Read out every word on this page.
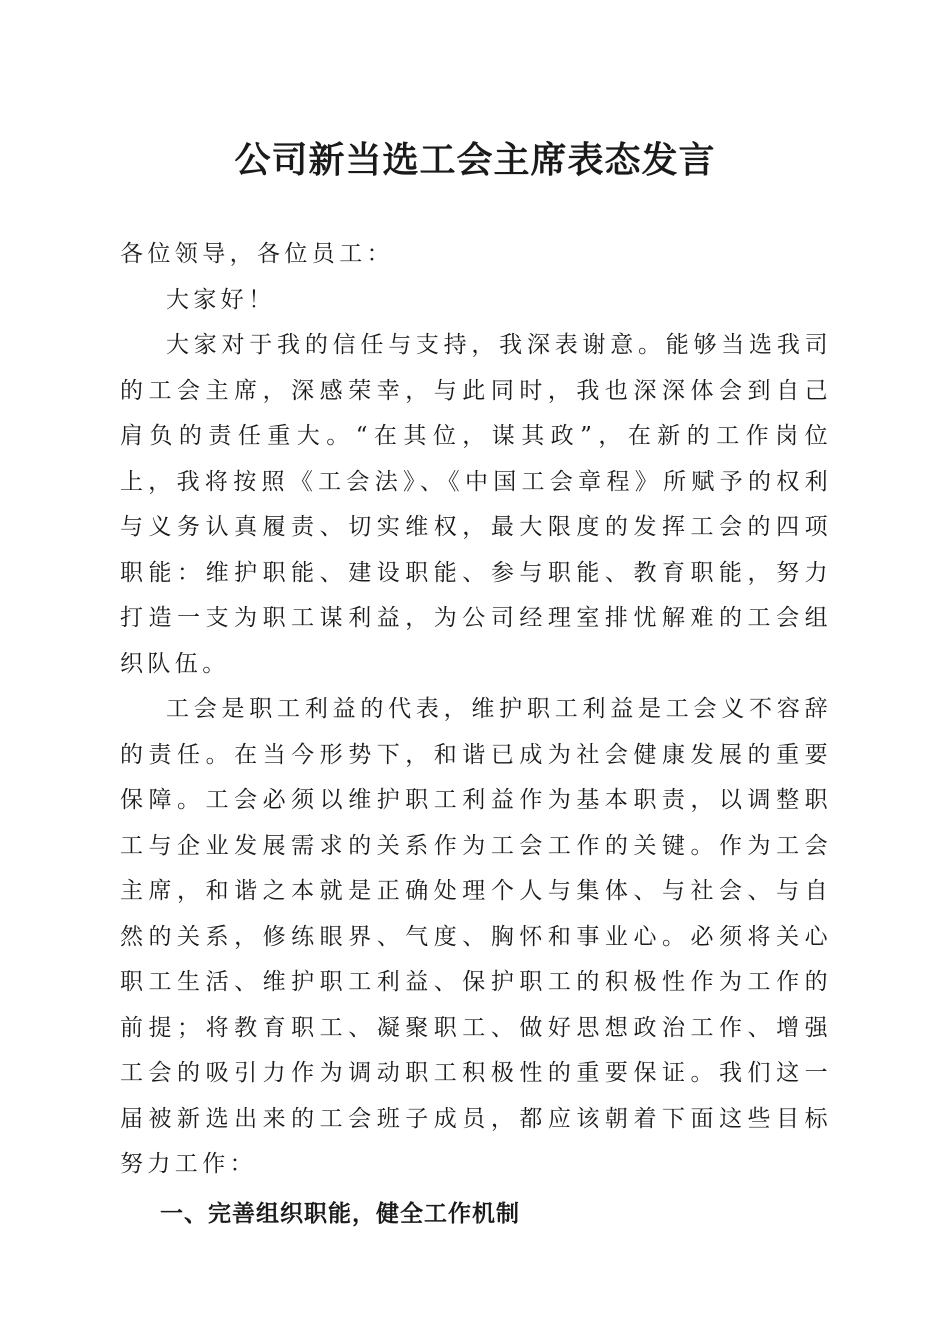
公司新当选工会主席表态发言

各位领导，各位员工：

大家好！

大家对于我的信任与支持，我深表谢意。能够当选我司的工会主席，深感荣幸，与此同时，我也深深体会到自己肩负的责任重大。“在其位，谋其政”，在新的工作岗位上，我将按照《工会法》、《中国工会章程》所赋予的权利与义务认真履责、切实维权，最大限度的发挥工会的四项职能：维护职能、建设职能、参与职能、教育职能，努力打造一支为职工谋利益，为公司经理室排忧解难的工会组织队伍。

工会是职工利益的代表，维护职工利益是工会义不容辞的责任。在当今形势下，和谐已成为社会健康发展的重要保障。工会必须以维护职工利益作为基本职责，以调整职工与企业发展需求的关系作为工会工作的关键。作为工会主席，和谐之本就是正确处理个人与集体、与社会、与自然的关系，修练眼界、气度、胸怀和事业心。必须将关心职工生活、维护职工利益、保护职工的积极性作为工作的前提；将教育职工、凝聚职工、做好思想政治工作、增强工会的吸引力作为调动职工积极性的重要保证。我们这一届被新选出来的工会班子成员，都应该朝着下面这些目标努力工作：

一、完善组织职能，健全工作机制
